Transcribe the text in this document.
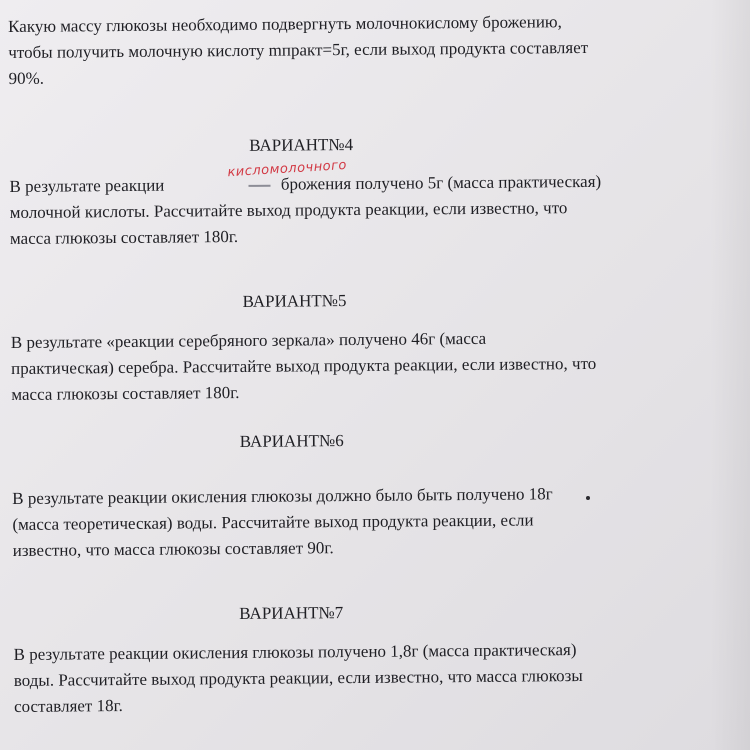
Какую массу глюкозы необходимо подвергнуть молочнокислому брожению,

чтобы получить молочную кислоту mпракт=5г, если выход продукта составляет

90%.

ВАРИАНТ№4

кисломолочного

В результате реакции	брожения получено 5г (масса практическая)

молочной кислоты. Рассчитайте выход продукта реакции, если известно, что

масса глюкозы составляет 180г.

ВАРИАНТ№5

В результате «реакции серебряного зеркала» получено 46г (масса

практическая) серебра. Рассчитайте выход продукта реакции, если известно, что

масса глюкозы составляет 180г.

ВАРИАНТ№6

В результате реакции окисления глюкозы должно было быть получено 18г

(масса теоретическая) воды. Рассчитайте выход продукта реакции, если

известно, что масса глюкозы составляет 90г.

ВАРИАНТ№7

В результате реакции окисления глюкозы получено 1,8г (масса практическая)

воды. Рассчитайте выход продукта реакции, если известно, что масса глюкозы

составляет 18г.
